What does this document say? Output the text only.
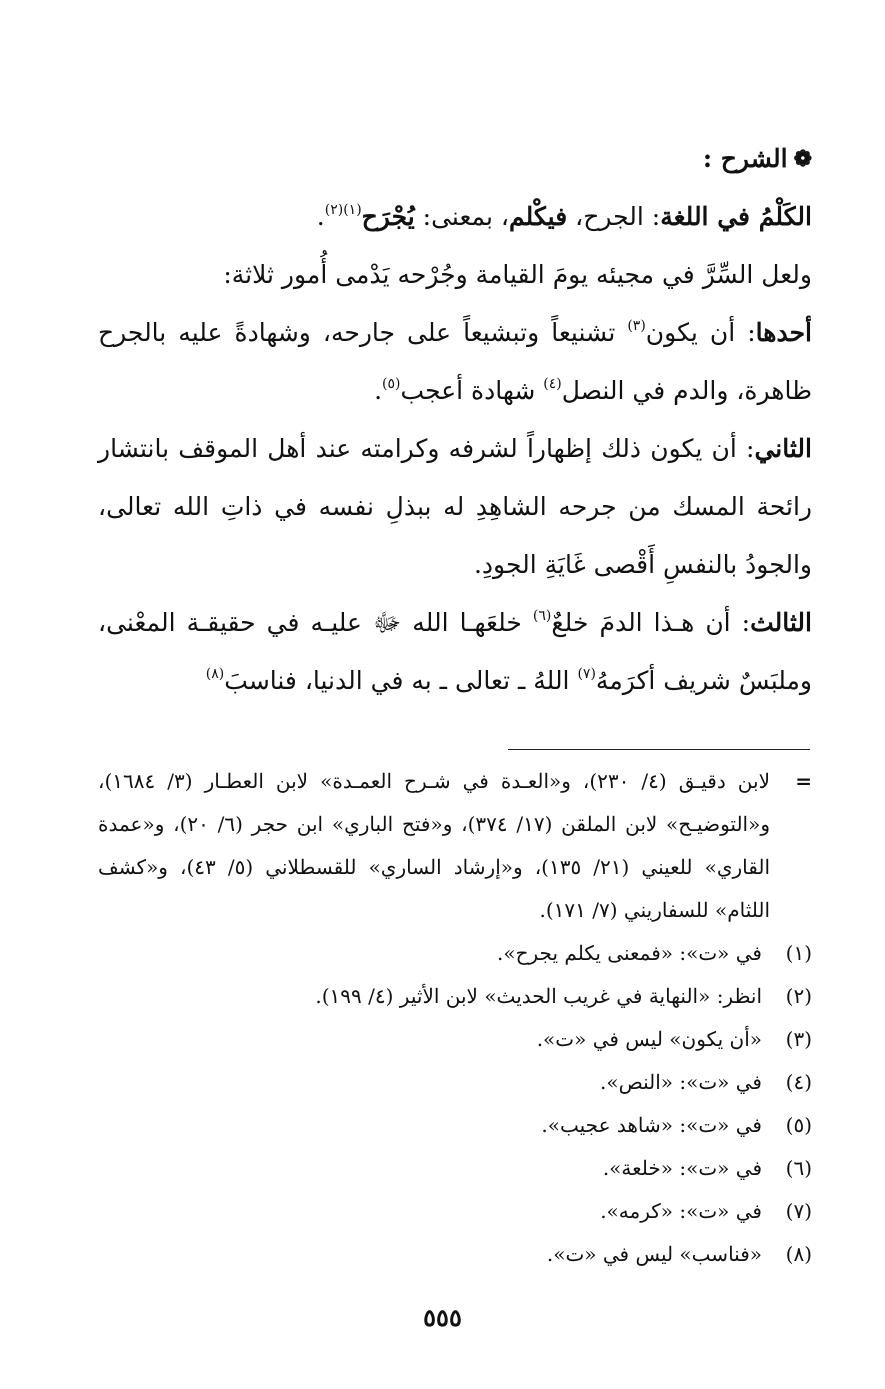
❁
الشرح :

الكَلْمُ في اللغة: الجرح، فيكْلم، بمعنى: يُجْرَح$^{(١)(٢)}$.

ولعل السِّرَّ في مجيئه يومَ القيامة وجُرْحه يَدْمى أُمور ثلاثة:

أحدها: أن يكون$^{(٣)}$ تشنيعاً وتبشيعاً على جارحه، وشهادةً عليه بالجرح ظاهرة، والدم في النصل$^{(٤)}$ شهادة أعجب$^{(٥)}$.

الثاني: أن يكون ذلك إظهاراً لشرفه وكرامته عند أهل الموقف بانتشار رائحة المسك من جرحه الشاهِدِ له ببذلِ نفسه في ذاتِ الله تعالى، والجودُ بالنفسِ أَقْصى غَايَةِ الجودِ.

الثالث: أن هـذا الدمَ خلعٌ$^{(٦)}$ خلعَهـا الله ﷻ عليـه في حقيقـة المعْنى، وملبَسٌ شريف أكرَمهُ$^{(٧)}$ اللهُ ـ تعالى ـ به في الدنيا، فناسبَ$^{(٨)}$

=
لابن دقيـق (٤/ ٢٣٠)، و«العـدة في شـرح العمـدة» لابن العطـار (٣/ ١٦٨٤)، و«التوضيـح» لابن الملقن (١٧/ ٣٧٤)، و«فتح الباري» ابن حجر (٦/ ٢٠)، و«عمدة القاري» للعيني (٢١/ ١٣٥)، و«إرشاد الساري» للقسطلاني (٥/ ٤٣)، و«كشف اللثام» للسفاريني (٧/ ١٧١).
(١)
في «ت»: «فمعنى يكلم يجرح».
(٢)
انظر: «النهاية في غريب الحديث» لابن الأثير (٤/ ١٩٩).
(٣)
«أن يكون» ليس في «ت».
(٤)
في «ت»: «النص».
(٥)
في «ت»: «شاهد عجيب».
(٦)
في «ت»: «خلعة».
(٧)
في «ت»: «كرمه».
(٨)
«فناسب» ليس في «ت».
٥٥٥
